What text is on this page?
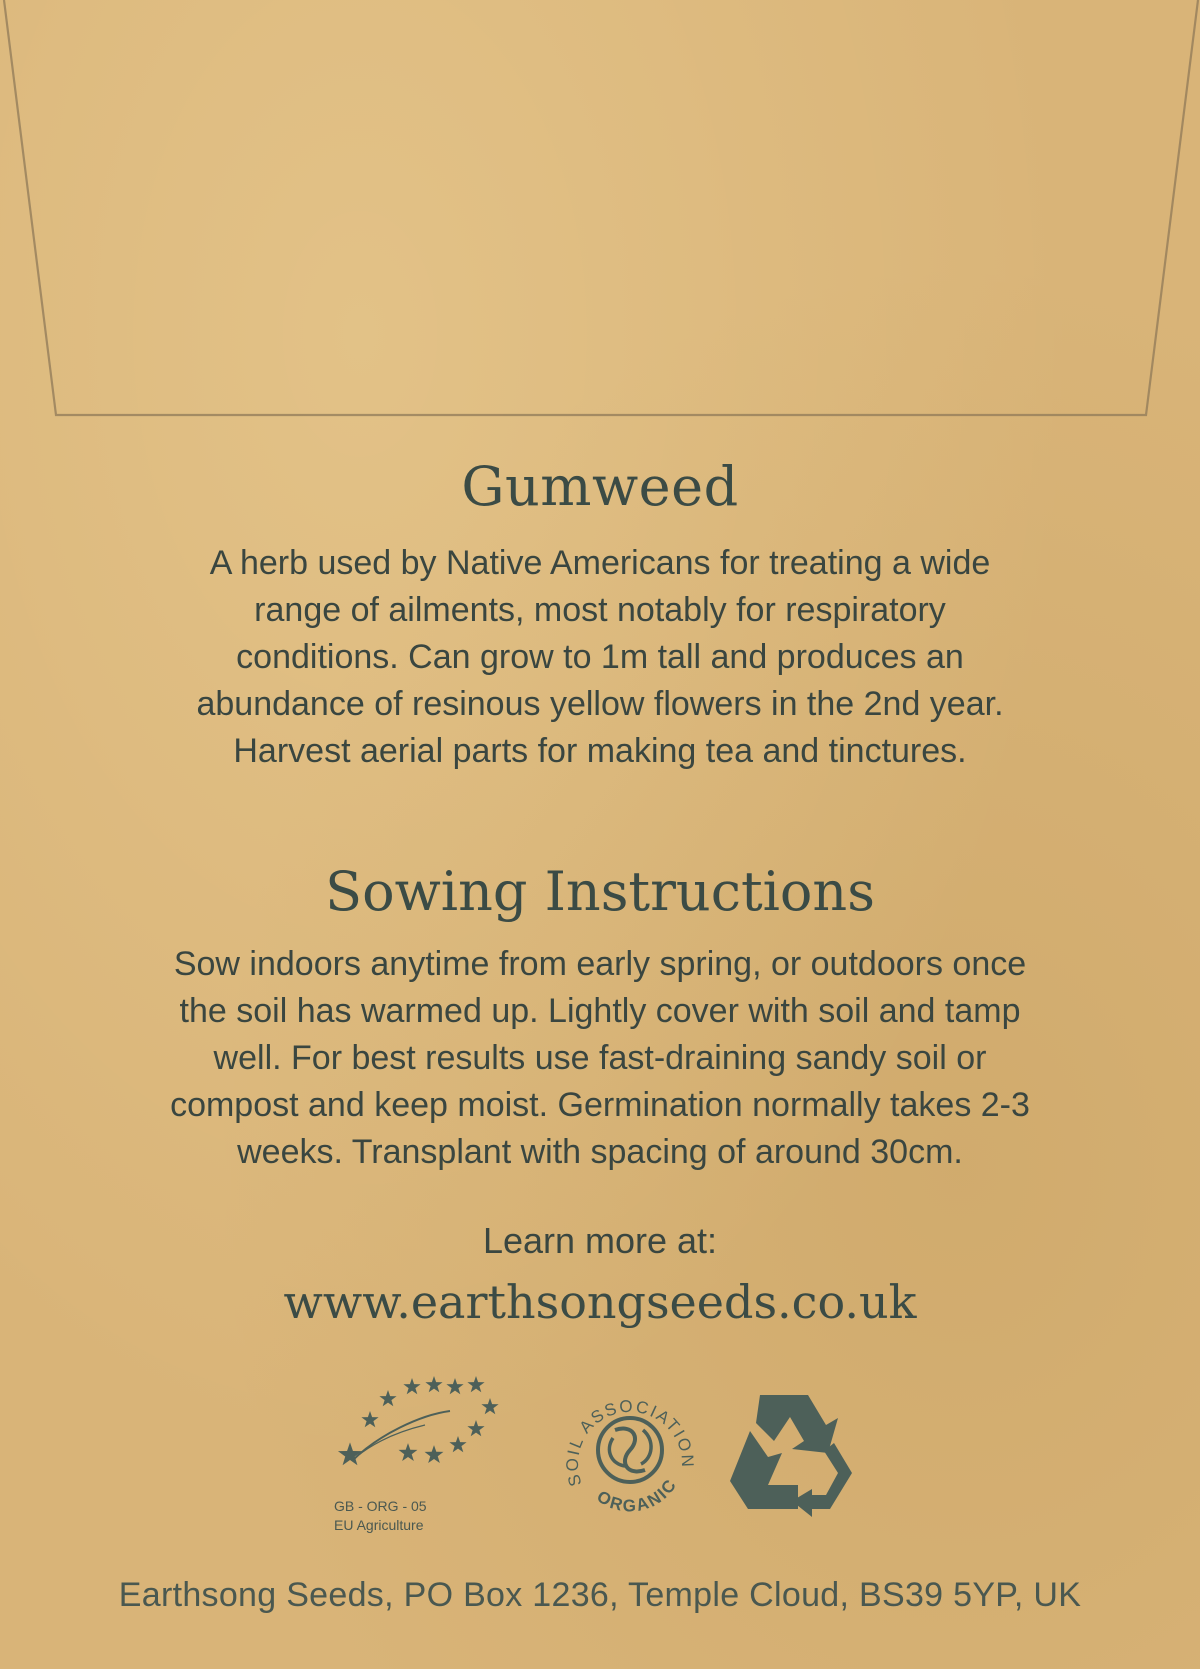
Gumweed
A herb used by Native Americans for treating a wide
range of ailments, most notably for respiratory
conditions. Can grow to 1m tall and produces an
abundance of resinous yellow flowers in the 2nd year.
Harvest aerial parts for making tea and tinctures.
Sowing Instructions
Sow indoors anytime from early spring, or outdoors once
the soil has warmed up. Lightly cover with soil and tamp
well. For best results use fast-draining sandy soil or
compost and keep moist. Germination normally takes 2-3
weeks. Transplant with spacing of around 30cm.
Learn more at:
www.earthsongseeds.co.uk
GB - ORG - 05
EU Agriculture
SOIL ASSOCIATION
ORGANIC
Earthsong Seeds, PO Box 1236, Temple Cloud, BS39 5YP, UK
